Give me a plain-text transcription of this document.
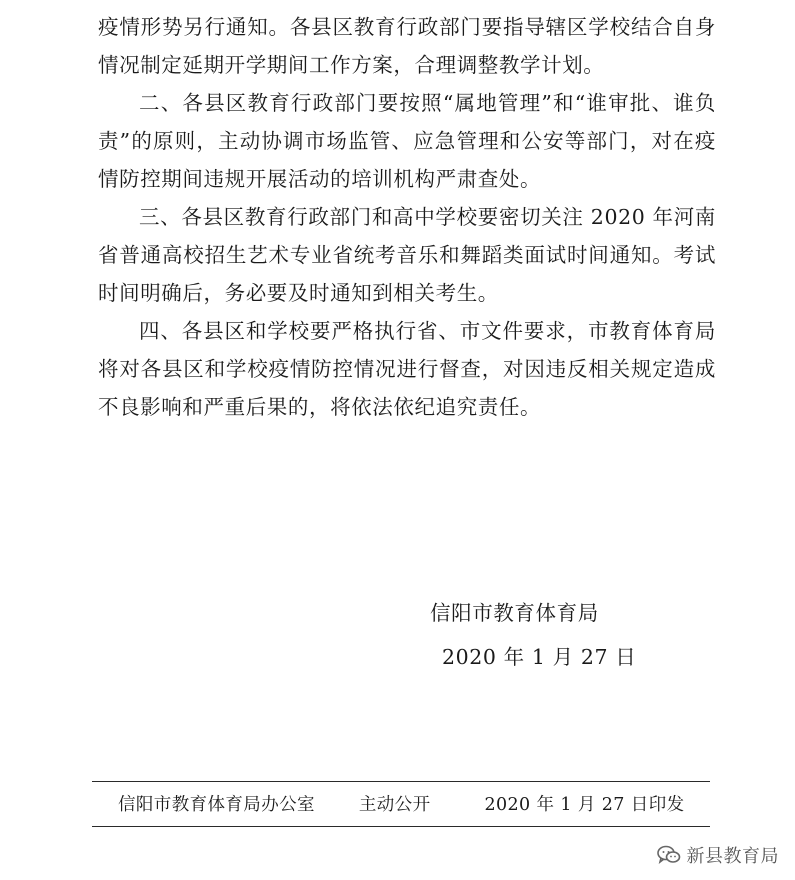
疫情形势另行通知。各县区教育行政部门要指导辖区学校结合自身情况制定延期开学期间工作方案，合理调整教学计划。

二、各县区教育行政部门要按照“属地管理”和“谁审批、谁负责”的原则，主动协调市场监管、应急管理和公安等部门，对在疫情防控期间违规开展活动的培训机构严肃查处。

三、各县区教育行政部门和高中学校要密切关注 2020 年河南省普通高校招生艺术专业省统考音乐和舞蹈类面试时间通知。考试时间明确后，务必要及时通知到相关考生。

四、各县区和学校要严格执行省、市文件要求，市教育体育局将对各县区和学校疫情防控情况进行督查，对因违反相关规定造成不良影响和严重后果的，将依法依纪追究责任。

信阳市教育体育局
2020 年 1 月 27 日
信阳市教育体育局办公室	主动公开	2020 年 1 月 27 日印发
新县教育局
